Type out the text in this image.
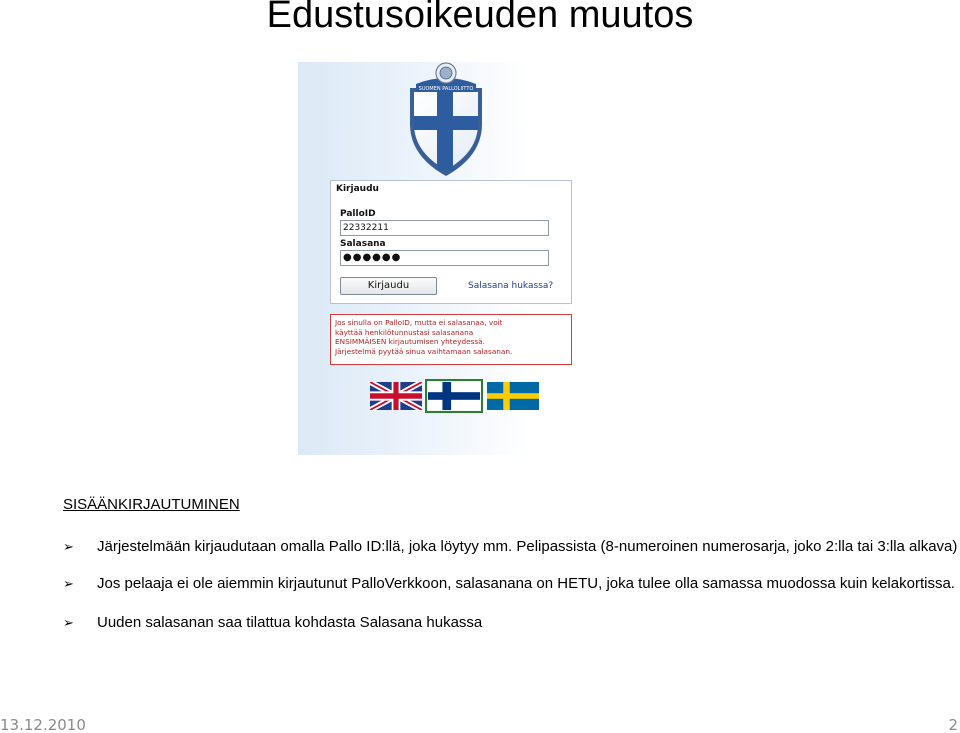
Edustusoikeuden muutos
SUOMEN PALLOLIITTO
Kirjaudu
PalloID
22332211
Salasana
●●●●●●
Kirjaudu	Salasana hukassa?
Jos sinulla on PalloID, mutta ei salasanaa, voit
käyttää henkilötunnustasi salasanana
ENSIMMÄISEN kirjautumisen yhteydessä.
Järjestelmä pyytää sinua vaihtamaan salasanan.
SISÄÄNKIRJAUTUMINEN
➢ Järjestelmään kirjaudutaan omalla Pallo ID:llä, joka löytyy mm. Pelipassista (8-numeroinen numerosarja, joko 2:lla tai 3:lla alkava)
➢ Jos pelaaja ei ole aiemmin kirjautunut PalloVerkkoon, salasanana on HETU, joka tulee olla samassa muodossa kuin kelakortissa.
➢ Uuden salasanan saa tilattua kohdasta Salasana hukassa
13.12.2010	2
